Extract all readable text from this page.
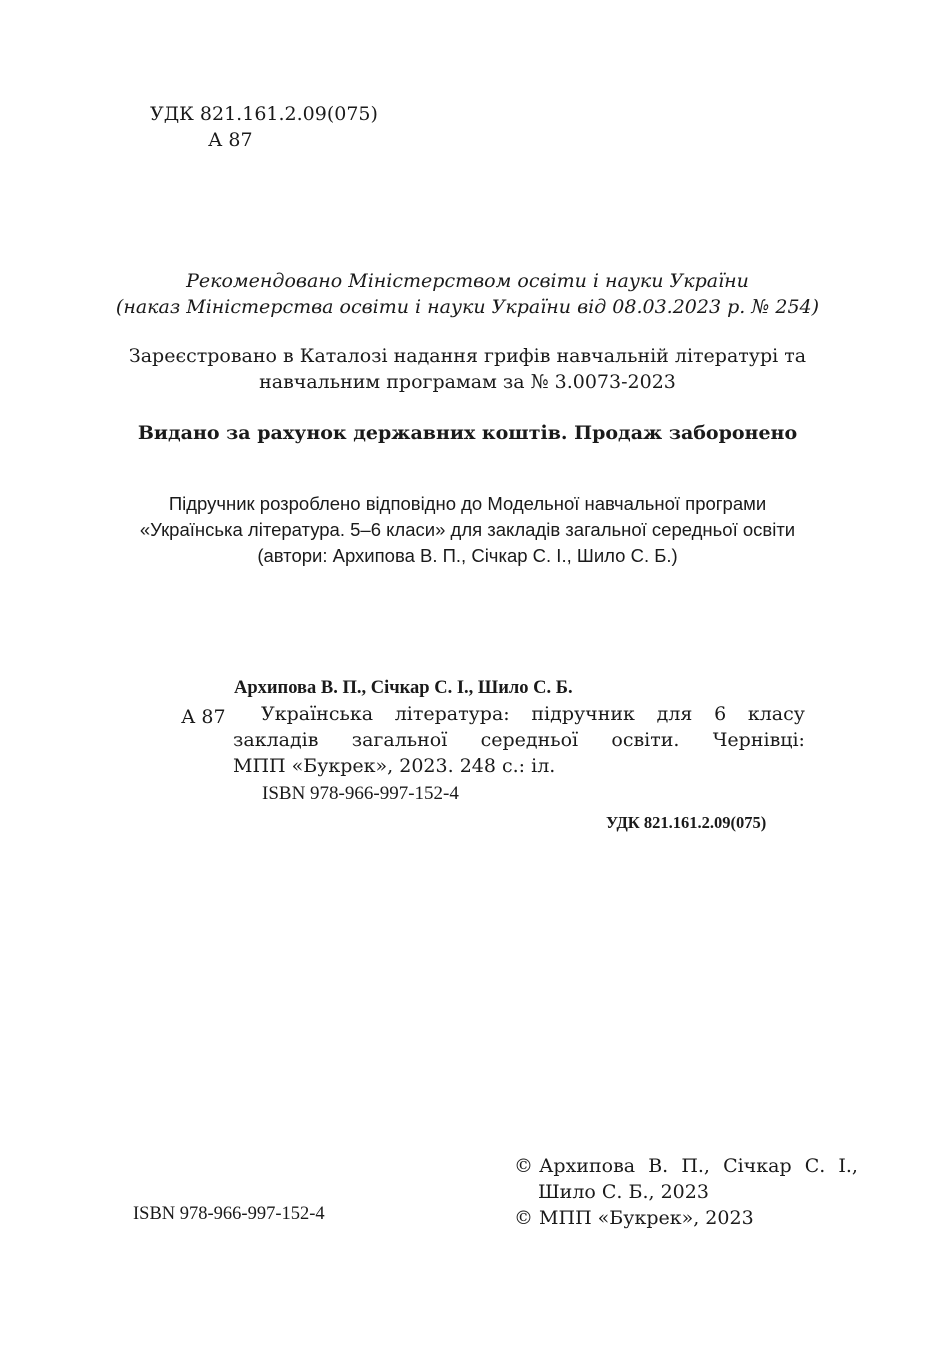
УДК 821.161.2.09(075)
А 87
Рекомендовано Міністерством освіти і науки України
(наказ Міністерства освіти і науки України від 08.03.2023 р. № 254)
Зареєстровано в Каталозі надання грифів навчальній літературі та
навчальним програмам за № 3.0073-2023
Видано за рахунок державних коштів. Продаж заборонено
Підручник розроблено відповідно до Модельної навчальної програми
«Українська література. 5–6 класи» для закладів загальної середньої освіти
(автори: Архипова В. П., Січкар С. І., Шило С. Б.)
Архипова В. П., Січкар С. І., Шило С. Б.
А 87 Українська література: підручник для 6 класу
закладів загальної середньої освіти. Чернівці:
МПП «Букрек», 2023. 248 с.: іл.
ISBN 978-966-997-152-4
УДК 821.161.2.09(075)
ISBN 978-966-997-152-4
© Архипова В. П., Січкар С. І.,
Шило С. Б., 2023
© МПП «Букрек», 2023
